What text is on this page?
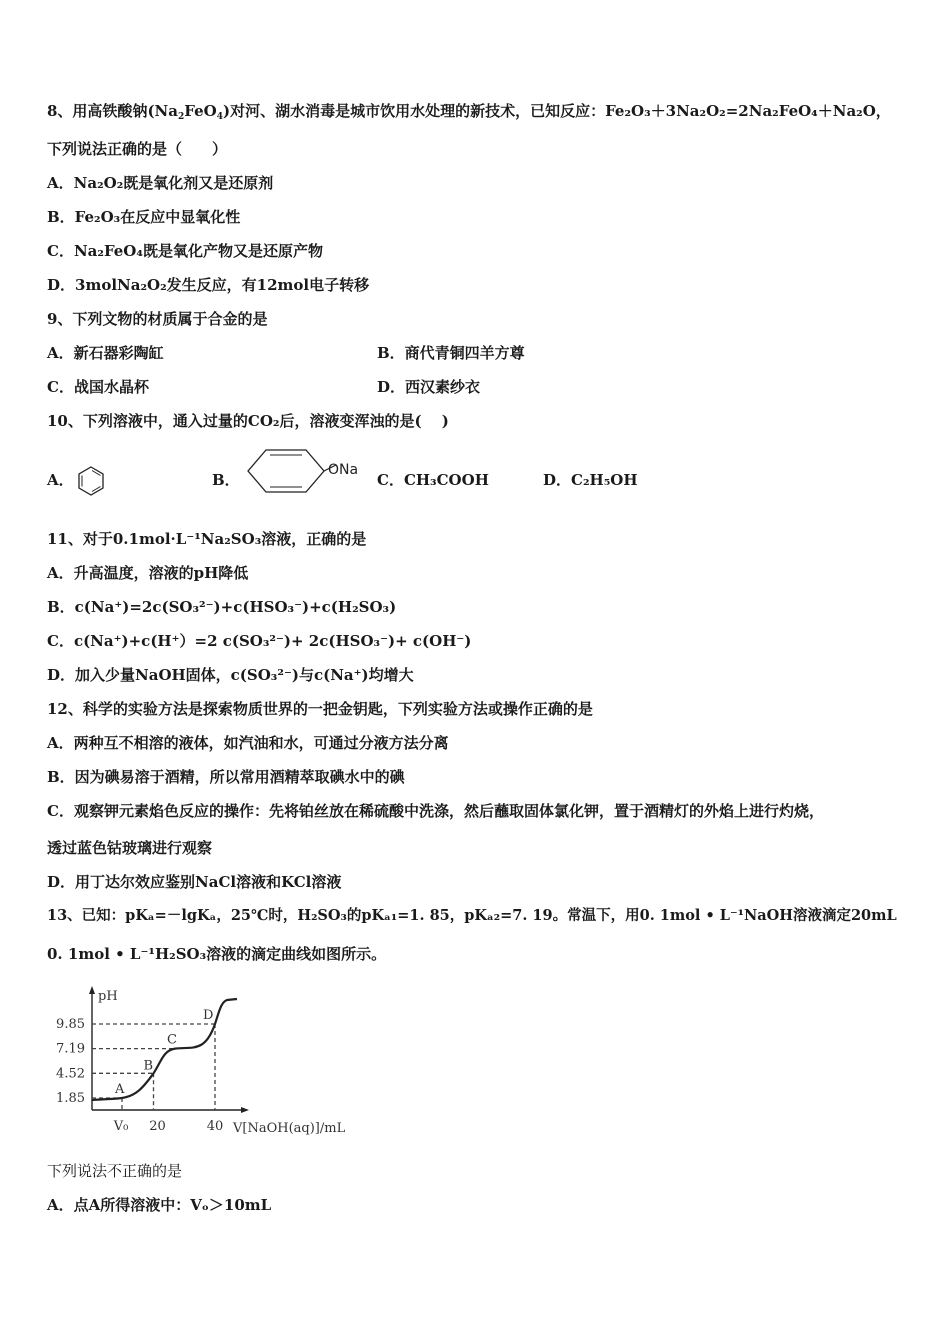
8、用高铁酸钠$(Na_2FeO_4)$对河、湖水消毒是城市饮用水处理的新技术，已知反应：Fe₂O₃＋3Na₂O₂=2Na₂FeO₄＋Na₂O，
下列说法正确的是（　　）
A．Na₂O₂既是氧化剂又是还原剂
B．Fe₂O₃在反应中显氧化性
C．Na₂FeO₄既是氧化产物又是还原产物
D．3molNa₂O₂发生反应，有12mol电子转移
9、下列文物的材质属于合金的是
A．新石器彩陶缸	B．商代青铜四羊方尊
C．战国水晶杯	D．西汉素纱衣
10、下列溶液中，通入过量的CO₂后，溶液变浑浊的是(　 )
A．	B．
ONa
C．CH₃COOH	D．C₂H₅OH
11、对于0.1mol·L⁻¹Na₂SO₃溶液，正确的是
A．升高温度，溶液的pH降低
B．c(Na⁺)=2c(SO₃²⁻)+c(HSO₃⁻)+c(H₂SO₃)
C．c(Na⁺)+c(H⁺）=2 c(SO₃²⁻)+ 2c(HSO₃⁻)+ c(OH⁻)
D．加入少量NaOH固体，c(SO₃²⁻)与c(Na⁺)均增大
12、科学的实验方法是探索物质世界的一把金钥匙，下列实验方法或操作正确的是
A．两种互不相溶的液体，如汽油和水，可通过分液方法分离
B．因为碘易溶于酒精，所以常用酒精萃取碘水中的碘
C．观察钾元素焰色反应的操作：先将铂丝放在稀硫酸中洗涤，然后蘸取固体氯化钾，置于酒精灯的外焰上进行灼烧，
透过蓝色钴玻璃进行观察
D．用丁达尔效应鉴别NaCl溶液和KCl溶液
13、已知：pKₐ=－lgKₐ，25℃时，H₂SO₃的pKₐ₁=1. 85，pKₐ₂=7. 19。常温下，用0. 1mol • L⁻¹NaOH溶液滴定20mL
0. 1mol • L⁻¹H₂SO₃溶液的滴定曲线如图所示。
pH
V[NaOH(aq)]/mL
1.85
4.52
7.19
9.85
V₀ 20	40
A
B
C
D
下列说法不正确的是
A．点A所得溶液中：Vₒ＞10mL
